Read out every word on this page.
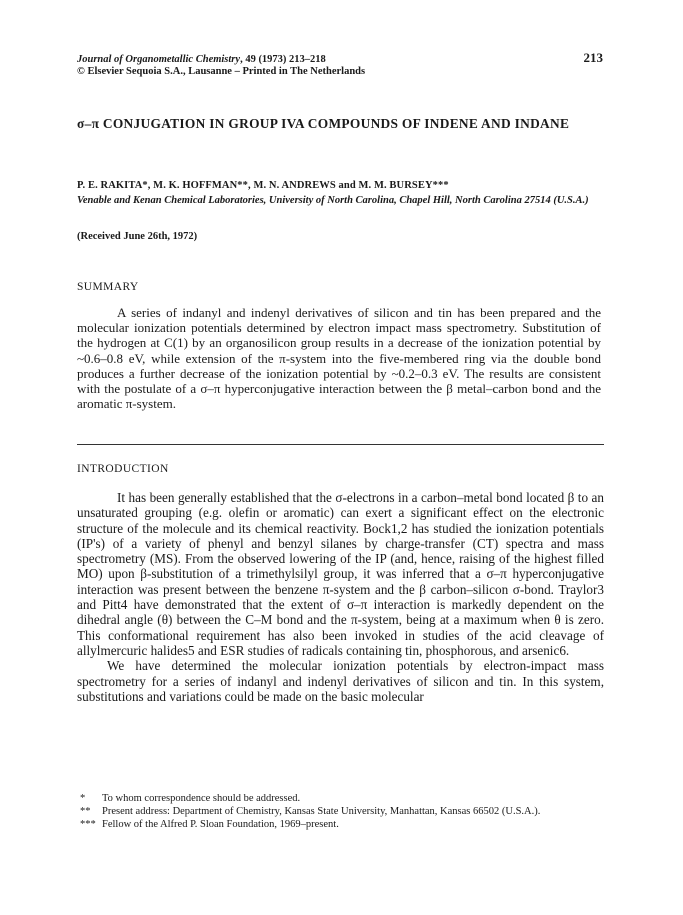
Journal of Organometallic Chemistry, 49 (1973) 213–218
© Elsevier Sequoia S.A., Lausanne – Printed in The Netherlands
213
σ–π CONJUGATION IN GROUP IVA COMPOUNDS OF INDENE AND INDANE
P. E. RAKITA*, M. K. HOFFMAN**, M. N. ANDREWS and M. M. BURSEY***
Venable and Kenan Chemical Laboratories, University of North Carolina, Chapel Hill, North Carolina 27514 (U.S.A.)
(Received June 26th, 1972)
SUMMARY

A series of indanyl and indenyl derivatives of silicon and tin has been prepared and the molecular ionization potentials determined by electron impact mass spectrometry. Substitution of the hydrogen at C(1) by an organosilicon group results in a decrease of the ionization potential by ~0.6–0.8 eV, while extension of the π-system into the five-membered ring via the double bond produces a further decrease of the ionization potential by ~0.2–0.3 eV. The results are consistent with the postulate of a σ–π hyperconjugative interaction between the β metal–carbon bond and the aromatic π-system.

INTRODUCTION

It has been generally established that the σ-electrons in a carbon–metal bond located β to an unsaturated grouping (e.g. olefin or aromatic) can exert a significant effect on the electronic structure of the molecule and its chemical reactivity. Bock1,2 has studied the ionization potentials (IP's) of a variety of phenyl and benzyl silanes by charge-transfer (CT) spectra and mass spectrometry (MS). From the observed lowering of the IP (and, hence, raising of the highest filled MO) upon β-substitution of a trimethylsilyl group, it was inferred that a σ–π hyperconjugative interaction was present between the benzene π-system and the β carbon–silicon σ-bond. Traylor3 and Pitt4 have demonstrated that the extent of σ–π interaction is markedly dependent on the dihedral angle (θ) between the C–M bond and the π-system, being at a maximum when θ is zero. This conformational requirement has also been invoked in studies of the acid cleavage of allylmercuric halides5 and ESR studies of radicals containing tin, phosphorous, and arsenic6.

We have determined the molecular ionization potentials by electron-impact mass spectrometry for a series of indanyl and indenyl derivatives of silicon and tin. In this system, substitutions and variations could be made on the basic molecular

* To whom correspondence should be addressed.
** Present address: Department of Chemistry, Kansas State University, Manhattan, Kansas 66502 (U.S.A.).
*** Fellow of the Alfred P. Sloan Foundation, 1969–present.
